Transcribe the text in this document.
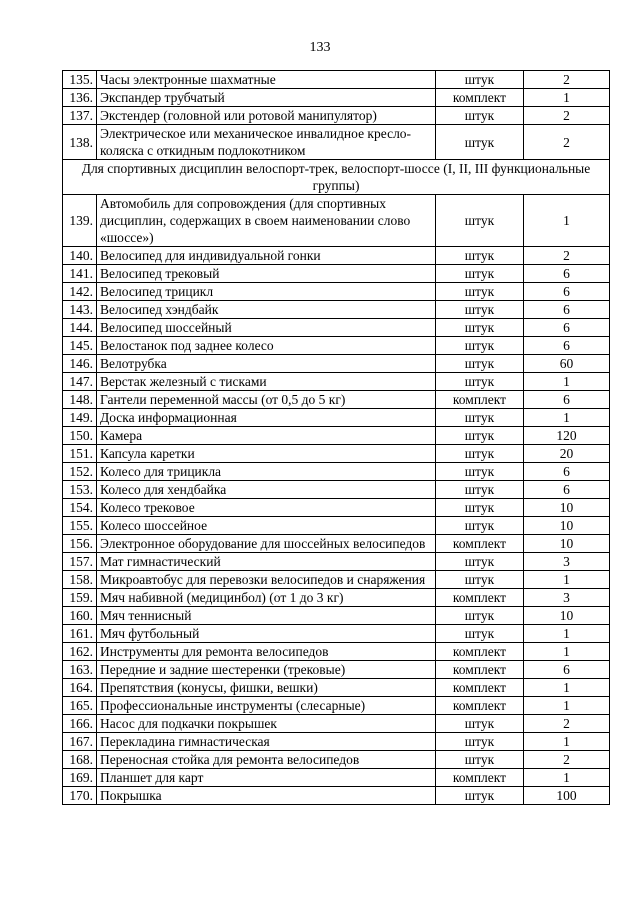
133
135.	Часы электронные шахматные	штук	2
136.	Экспандер трубчатый	комплект	1
137.	Экстендер (головной или ротовой манипулятор)	штук	2
138.	Электрическое или механическое инвалидное кресло-коляска с откидным подлокотником	штук	2
Для спортивных дисциплин велоспорт-трек, велоспорт-шоссе (I, II, III функциональные группы)			
139.	Автомобиль для сопровождения (для спортивных дисциплин, содержащих в своем наименовании слово «шоссе»)	штук	1
140.	Велосипед для индивидуальной гонки	штук	2
141.	Велосипед трековый	штук	6
142.	Велосипед трицикл	штук	6
143.	Велосипед хэндбайк	штук	6
144.	Велосипед шоссейный	штук	6
145.	Велостанок под заднее колесо	штук	6
146.	Велотрубка	штук	60
147.	Верстак железный с тисками	штук	1
148.	Гантели переменной массы (от 0,5 до 5 кг)	комплект	6
149.	Доска информационная	штук	1
150.	Камера	штук	120
151.	Капсула каретки	штук	20
152.	Колесо для трицикла	штук	6
153.	Колесо для хендбайка	штук	6
154.	Колесо трековое	штук	10
155.	Колесо шоссейное	штук	10
156.	Электронное оборудование для шоссейных велосипедов	комплект	10
157.	Мат гимнастический	штук	3
158.	Микроавтобус для перевозки велосипедов и снаряжения	штук	1
159.	Мяч набивной (медицинбол) (от 1 до 3 кг)	комплект	3
160.	Мяч теннисный	штук	10
161.	Мяч футбольный	штук	1
162.	Инструменты для ремонта велосипедов	комплект	1
163.	Передние и задние шестеренки (трековые)	комплект	6
164.	Препятствия (конусы, фишки, вешки)	комплект	1
165.	Профессиональные инструменты (слесарные)	комплект	1
166.	Насос для подкачки покрышек	штук	2
167.	Перекладина гимнастическая	штук	1
168.	Переносная стойка для ремонта велосипедов	штук	2
169.	Планшет для карт	комплект	1
170.	Покрышка	штук	100
